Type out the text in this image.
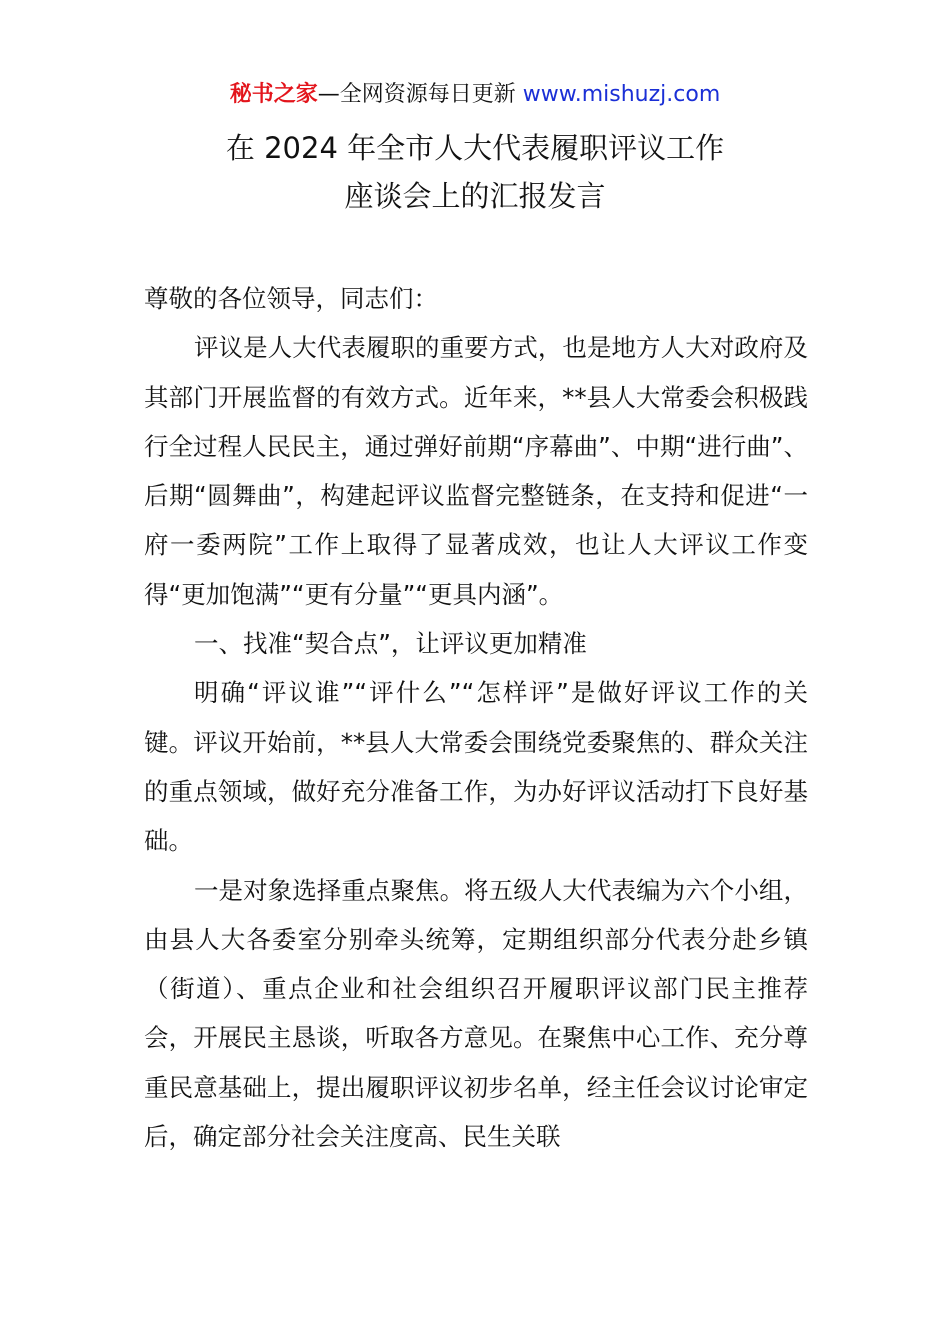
秘书之家—全网资源每日更新 www.mishuzj.com
在 2024 年全市人大代表履职评议工作
座谈会上的汇报发言

尊敬的各位领导，同志们：

评议是人大代表履职的重要方式，也是地方人大对政府及其部门开展监督的有效方式。近年来，**县人大常委会积极践行全过程人民民主，通过弹好前期“序幕曲”、中期“进行曲”、后期“圆舞曲”，构建起评议监督完整链条，在支持和促进“一府一委两院”工作上取得了显著成效，也让人大评议工作变得“更加饱满”“更有分量”“更具内涵”。

一、找准“契合点”，让评议更加精准

明确“评议谁”“评什么”“怎样评”是做好评议工作的关键。评议开始前，**县人大常委会围绕党委聚焦的、群众关注的重点领域，做好充分准备工作，为办好评议活动打下良好基础。

一是对象选择重点聚焦。将五级人大代表编为六个小组，由县人大各委室分别牵头统筹，定期组织部分代表分赴乡镇（街道）、重点企业和社会组织召开履职评议部门民主推荐会，开展民主恳谈，听取各方意见。在聚焦中心工作、充分尊重民意基础上，提出履职评议初步名单，经主任会议讨论审定后，确定部分社会关注度高、民生关联
